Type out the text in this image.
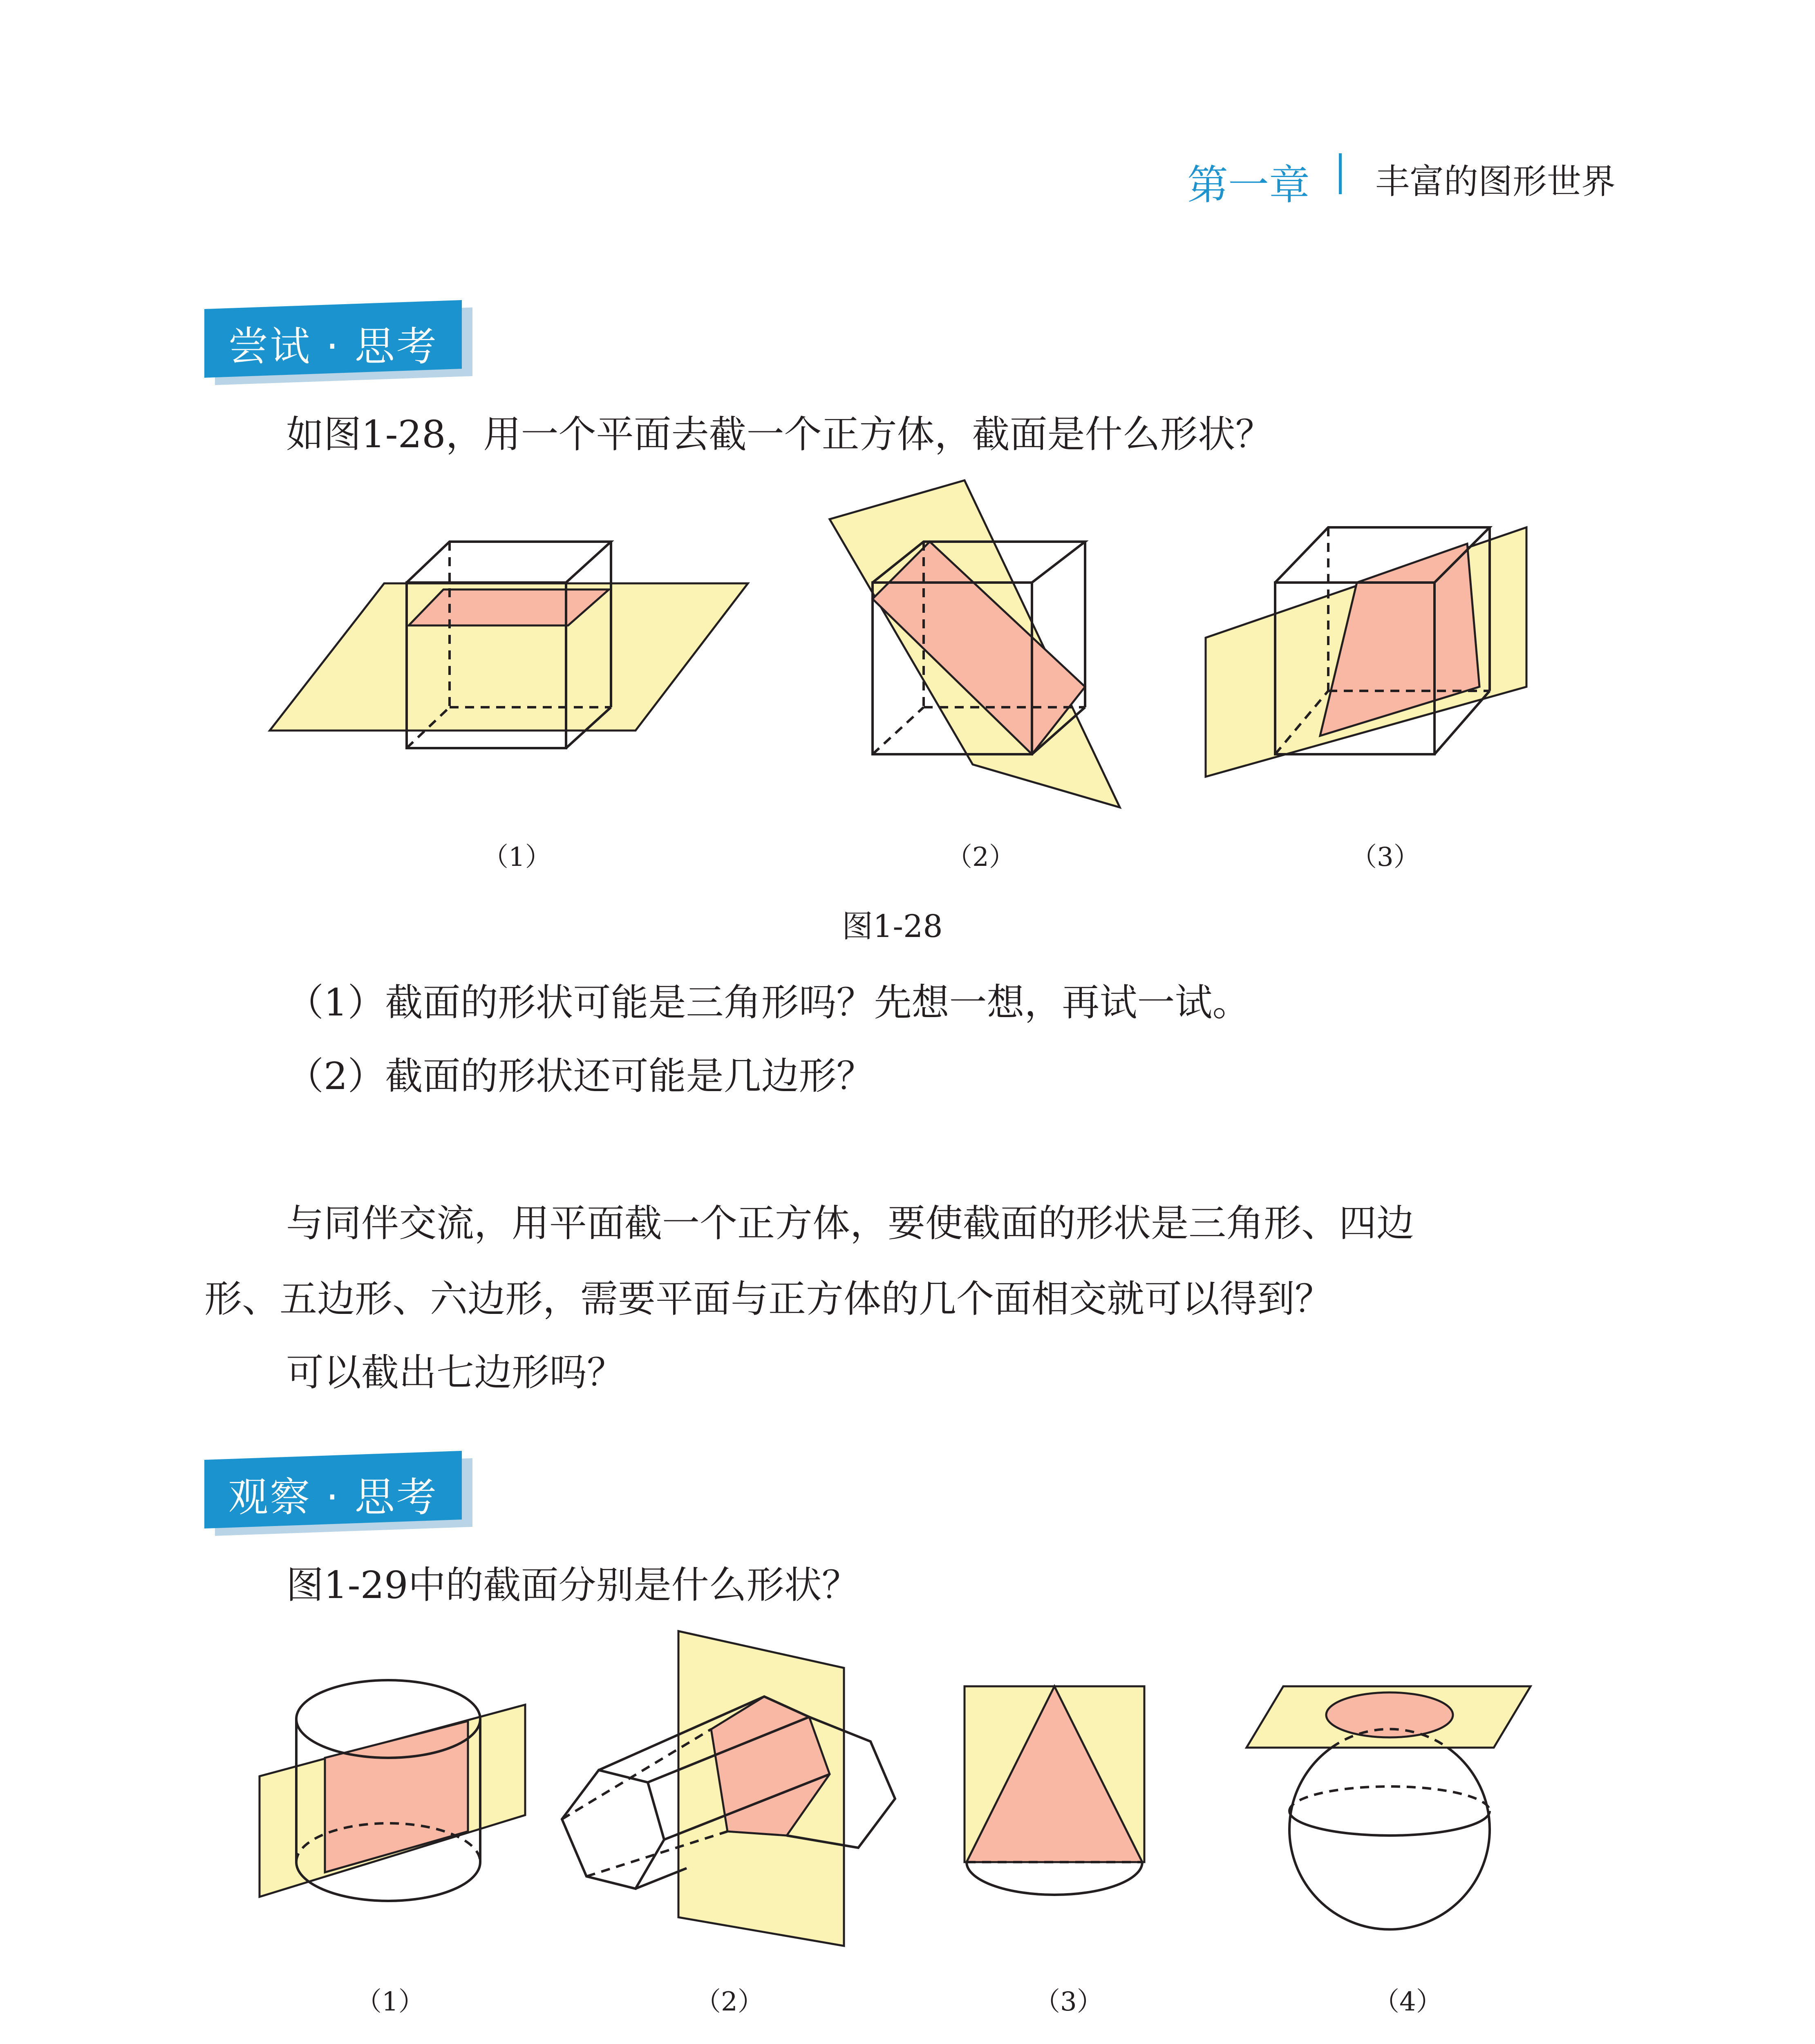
第一章 丰富的图形世界
尝试 · 思考
如图1-28，用一个平面去截一个正方体，截面是什么形状？
（1）	（2）	（3）
图1-28
（1）截面的形状可能是三角形吗？先想一想，再试一试。
（2）截面的形状还可能是几边形？
与同伴交流，用平面截一个正方体，要使截面的形状是三角形、四边
形、五边形、六边形，需要平面与正方体的几个面相交就可以得到？
可以截出七边形吗？
观察 · 思考
图1-29中的截面分别是什么形状？
（1）	（2）	（3）	（4）
